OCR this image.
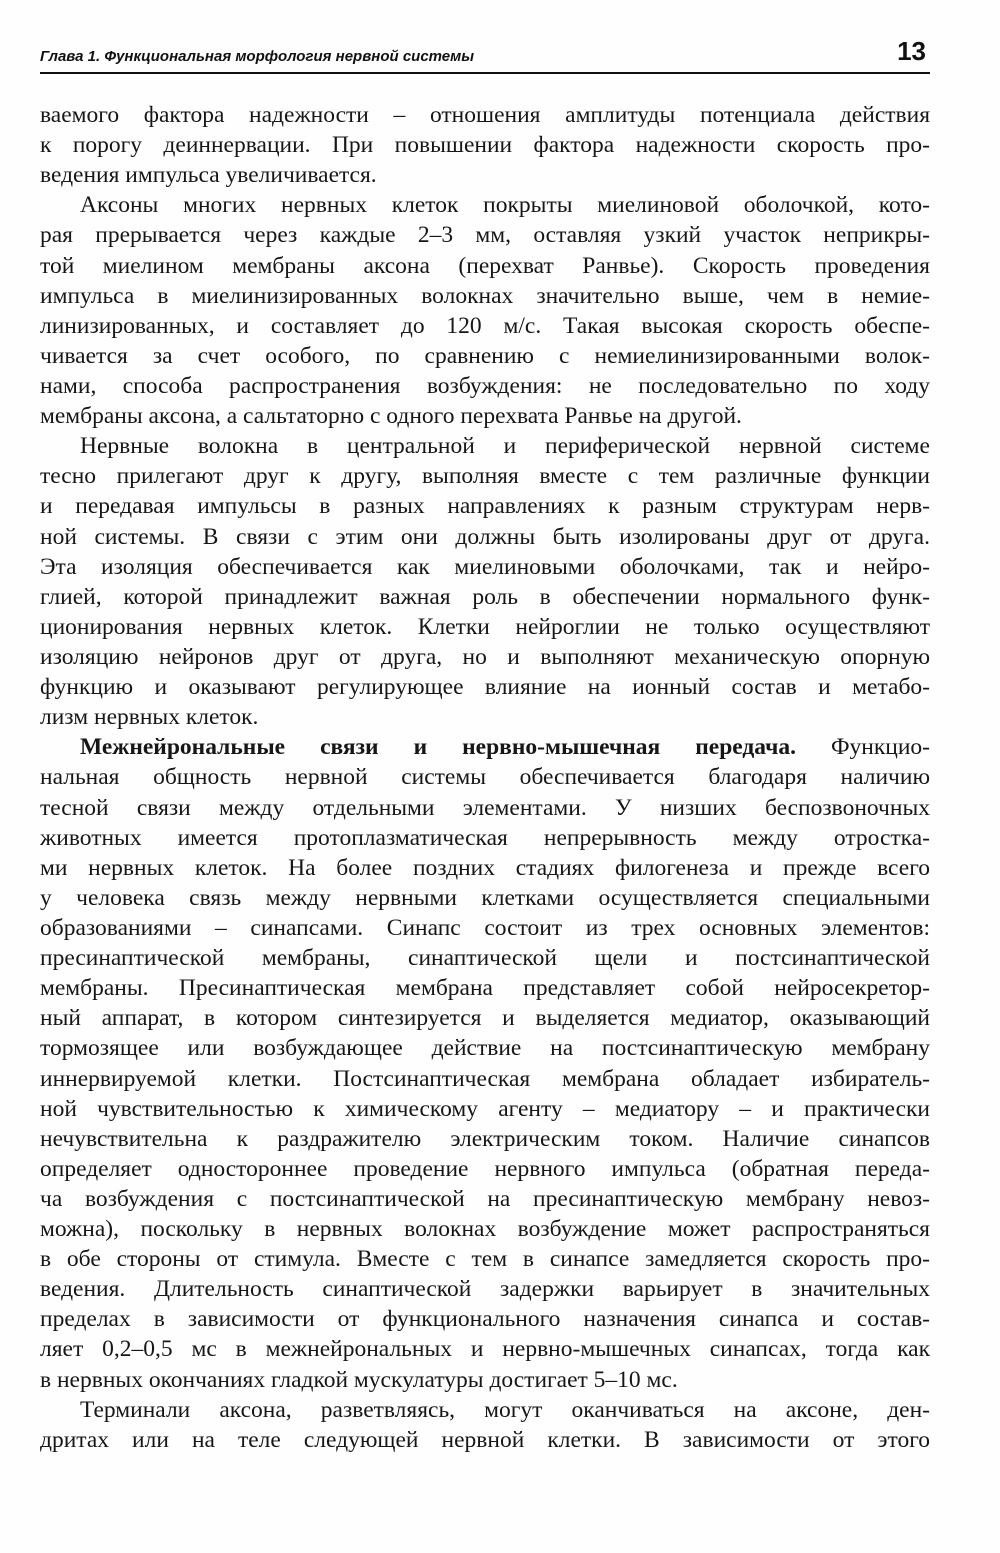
Глава 1. Функциональная морфология нервной системы	13
ваемого фактора надежности – отношения амплитуды потенциала действия
к порогу деиннервации. При повышении фактора надежности скорость про-
ведения импульса увеличивается.
Аксоны многих нервных клеток покрыты миелиновой оболочкой, кото-
рая прерывается через каждые 2–3 мм, оставляя узкий участок неприкры-
той миелином мембраны аксона (перехват Ранвье). Скорость проведения
импульса в миелинизированных волокнах значительно выше, чем в немие-
линизированных, и составляет до 120 м/с. Такая высокая скорость обеспе-
чивается за счет особого, по сравнению с немиелинизированными волок-
нами, способа распространения возбуждения: не последовательно по ходу
мембраны аксона, а сальтаторно с одного перехвата Ранвье на другой.
Нервные волокна в центральной и периферической нервной системе
тесно прилегают друг к другу, выполняя вместе с тем различные функции
и передавая импульсы в разных направлениях к разным структурам нерв-
ной системы. В связи с этим они должны быть изолированы друг от друга.
Эта изоляция обеспечивается как миелиновыми оболочками, так и нейро-
глией, которой принадлежит важная роль в обеспечении нормального функ-
ционирования нервных клеток. Клетки нейроглии не только осуществляют
изоляцию нейронов друг от друга, но и выполняют механическую опорную
функцию и оказывают регулирующее влияние на ионный состав и метабо-
лизм нервных клеток.
Межнейрональные связи и нервно-мышечная передача. Функцио-
нальная общность нервной системы обеспечивается благодаря наличию
тесной связи между отдельными элементами. У низших беспозвоночных
животных имеется протоплазматическая непрерывность между отростка-
ми нервных клеток. На более поздних стадиях филогенеза и прежде всего
у человека связь между нервными клетками осуществляется специальными
образованиями – синапсами. Синапс состоит из трех основных элементов:
пресинаптической мембраны, синаптической щели и постсинаптической
мембраны. Пресинаптическая мембрана представляет собой нейросекретор-
ный аппарат, в котором синтезируется и выделяется медиатор, оказывающий
тормозящее или возбуждающее действие на постсинаптическую мембрану
иннервируемой клетки. Постсинаптическая мембрана обладает избиратель-
ной чувствительностью к химическому агенту – медиатору – и практически
нечувствительна к раздражителю электрическим током. Наличие синапсов
определяет одностороннее проведение нервного импульса (обратная переда-
ча возбуждения с постсинаптической на пресинаптическую мембрану невоз-
можна), поскольку в нервных волокнах возбуждение может распространяться
в обе стороны от стимула. Вместе с тем в синапсе замедляется скорость про-
ведения. Длительность синаптической задержки варьирует в значительных
пределах в зависимости от функционального назначения синапса и состав-
ляет 0,2–0,5 мс в межнейрональных и нервно-мышечных синапсах, тогда как
в нервных окончаниях гладкой мускулатуры достигает 5–10 мс.
Терминали аксона, разветвляясь, могут оканчиваться на аксоне, ден-
дритах или на теле следующей нервной клетки. В зависимости от этого
